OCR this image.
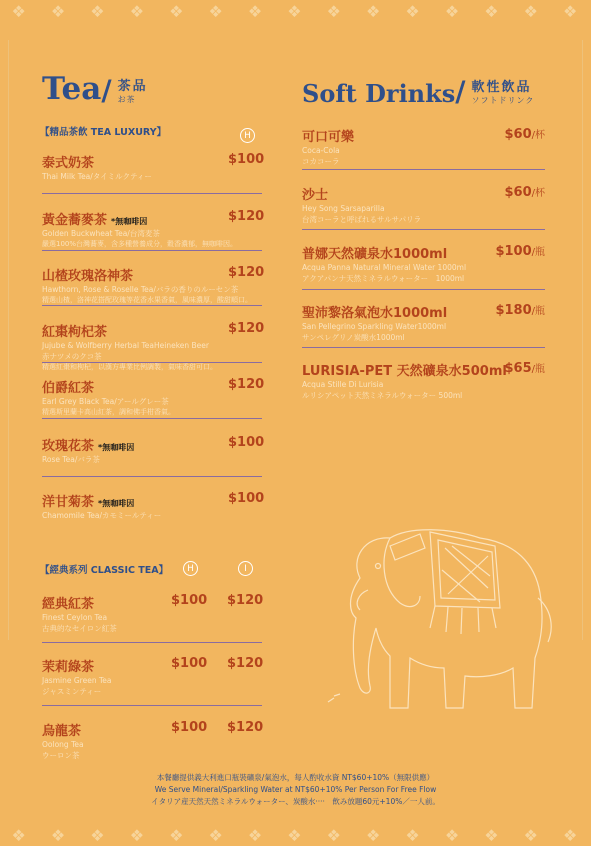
❖ ❖ ❖ ❖ ❖ ❖ ❖ ❖ ❖ ❖ ❖ ❖ ❖ ❖ ❖
❖ ❖ ❖ ❖ ❖ ❖ ❖ ❖ ❖ ❖ ❖ ❖ ❖ ❖ ❖
Tea / 茶品
お茶
【精品茶飲 TEA LUXURY】	H
泰式奶茶
Thai Milk Tea/タイミルクティー
$100
黃金蕎麥茶 *無咖啡因
Golden Buckwheat Tea/台湾麦茶
嚴選100%台灣蕎麥，含多種營養成分，穀香濃郁，無咖啡因。
$120
山楂玫瑰洛神茶
Hawthorn, Rose & Roselle Tea/バラの香りのルーセン茶
精選山楂，洛神花搭配玫瑰等花香水果香氣，風味濃厚，酸甜順口。
$120
紅棗枸杞茶
Jujube & Wolfberry Herbal TeaHeineken Beer
赤ナツメのクコ茶
精選紅棗和枸杞，以漢方專業比例調製，氣味香甜可口。
$120
伯爵紅茶
Earl Grey Black Tea/アールグレー茶
精選斯里蘭卡高山紅茶，調和佛手柑香氣。
$120
玫瑰花茶 *無咖啡因
Rose Tea/バラ茶
$100
洋甘菊茶 *無咖啡因
Chamomile Tea/カモミールティー
$100
【經典系列 CLASSIC TEA】	H	I
經典紅茶
Finest Ceylon Tea
古典的なセイロン紅茶
$100 $120
茉莉綠茶
Jasmine Green Tea
ジャスミンティー
$100 $120
烏龍茶
Oolong Tea
ウーロン茶
$100 $120
Soft Drinks / 軟性飲品
ソフトドリンク
可口可樂
Coca-Cola
コカコーラ
$60/杯
沙士
Hey Song Sarsaparilla
台湾コーラと呼ばれるサルサパリラ
$60/杯
普娜天然礦泉水1000ml
Acqua Panna Natural Mineral Water 1000ml
アクアパンナ天然ミネラルウォーター　1000ml
$100/瓶
聖沛黎洛氣泡水1000ml
San Pellegrino Sparkling Water1000ml
サンペレグリノ炭酸水1000ml
$180/瓶
LURISIA-PET 天然礦泉水500ml
Acqua Stille Di Lurisia
ルリシアペット天然ミネラルウォーター 500ml
$65/瓶
本餐廳提供義大利進口瓶裝礦泉/氣泡水，每人酌收水資 NT$60+10%（無限供應）
We Serve Mineral/Sparkling Water at NT$60+10% Per Person For Free Flow
イタリア産天然天然ミネラルウォーター、炭酸水····　飲み放題60元+10%／一人前。
